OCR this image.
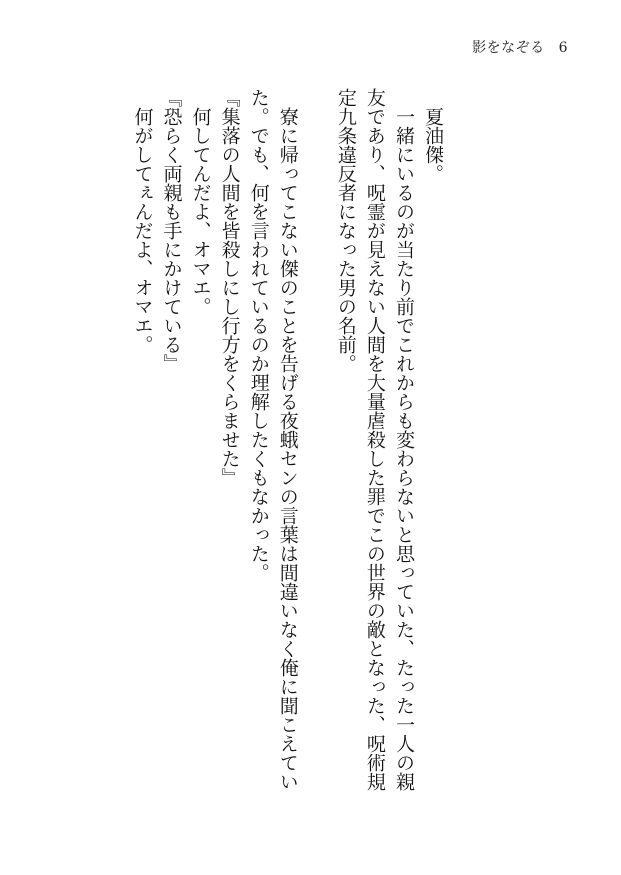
影をなぞる 6

夏油傑。

一緒にいるのが当たり前でこれからも変わらないと思っていた、たった一人の親友であり、呪霊が見えない人間を大量虐殺した罪でこの世界の敵となった、呪術規定九条違反者になった男の名前。

寮に帰ってこない傑のことを告げる夜蛾センの言葉は間違いなく俺に聞こえていた。でも、何を言われているのか理解したくもなかった。

『集落の人間を皆殺しにし行方をくらませた』

何してんだよ、オマエ。

『恐らく両親も手にかけている』

何がしてぇんだよ、オマエ。
